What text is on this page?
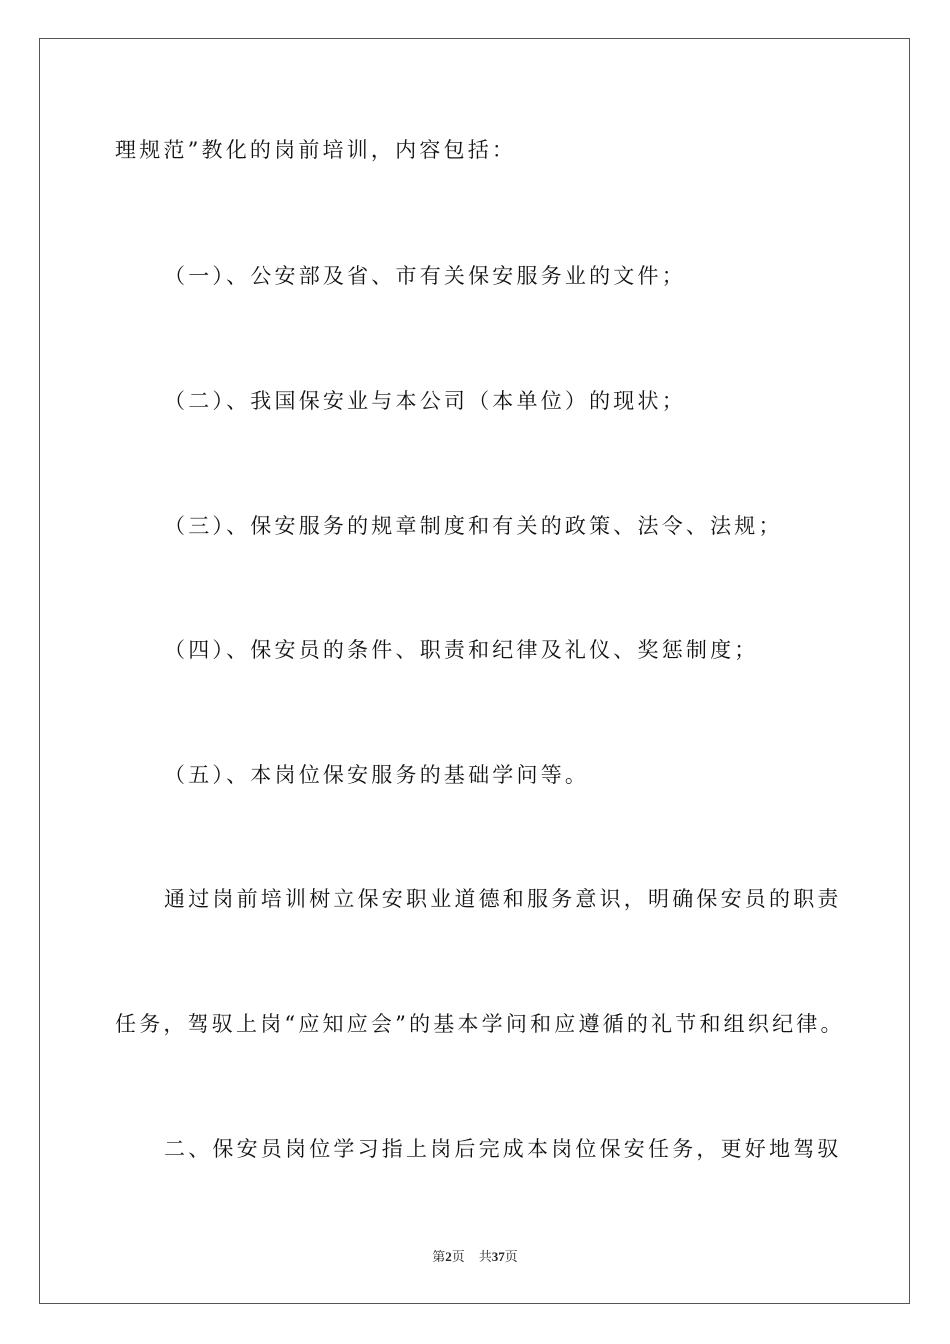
理规范”教化的岗前培训，内容包括：
（一）、公安部及省、市有关保安服务业的文件；
（二）、我国保安业与本公司（本单位）的现状；
（三）、保安服务的规章制度和有关的政策、法令、法规；
（四）、保安员的条件、职责和纪律及礼仪、奖惩制度；
（五）、本岗位保安服务的基础学问等。
通过岗前培训树立保安职业道德和服务意识，明确保安员的职责
任务，驾驭上岗“应知应会”的基本学问和应遵循的礼节和组织纪律。
二、保安员岗位学习指上岗后完成本岗位保安任务，更好地驾驭
第2页 共37页
